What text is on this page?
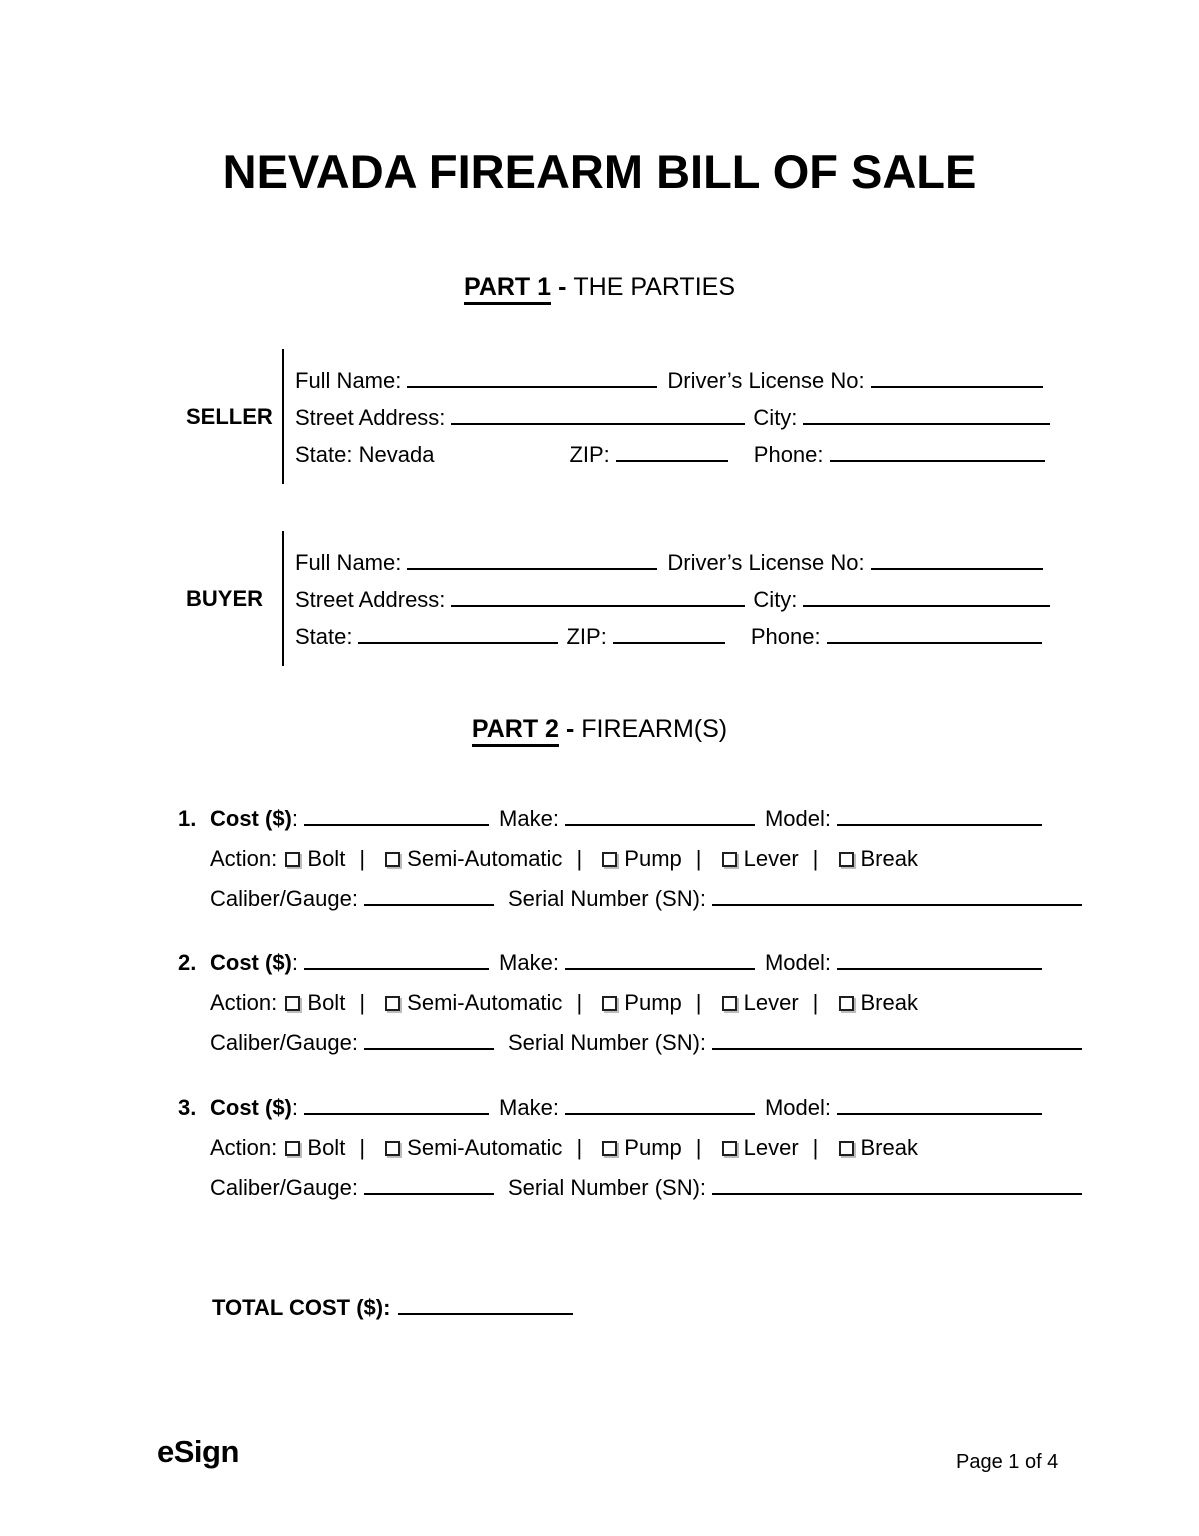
NEVADA FIREARM BILL OF SALE
PART 1 - THE PARTIES
SELLER
Full Name:	Driver’s License No:
Street Address:	City:
State: Nevada	ZIP:	Phone:
BUYER
Full Name:	Driver’s License No:
Street Address:	City:
State:	ZIP:	Phone:
PART 2 - FIREARM(S)
1. Cost ($):	Make:	Model:
Action: Bolt | Semi-Automatic | Pump | Lever | Break
Caliber/Gauge:	Serial Number (SN):
2. Cost ($):	Make:	Model:
Action: Bolt | Semi-Automatic | Pump | Lever | Break
Caliber/Gauge:	Serial Number (SN):
3. Cost ($):	Make:	Model:
Action: Bolt | Semi-Automatic | Pump | Lever | Break
Caliber/Gauge:	Serial Number (SN):
TOTAL COST ($):
eSign	Page 1 of 4
